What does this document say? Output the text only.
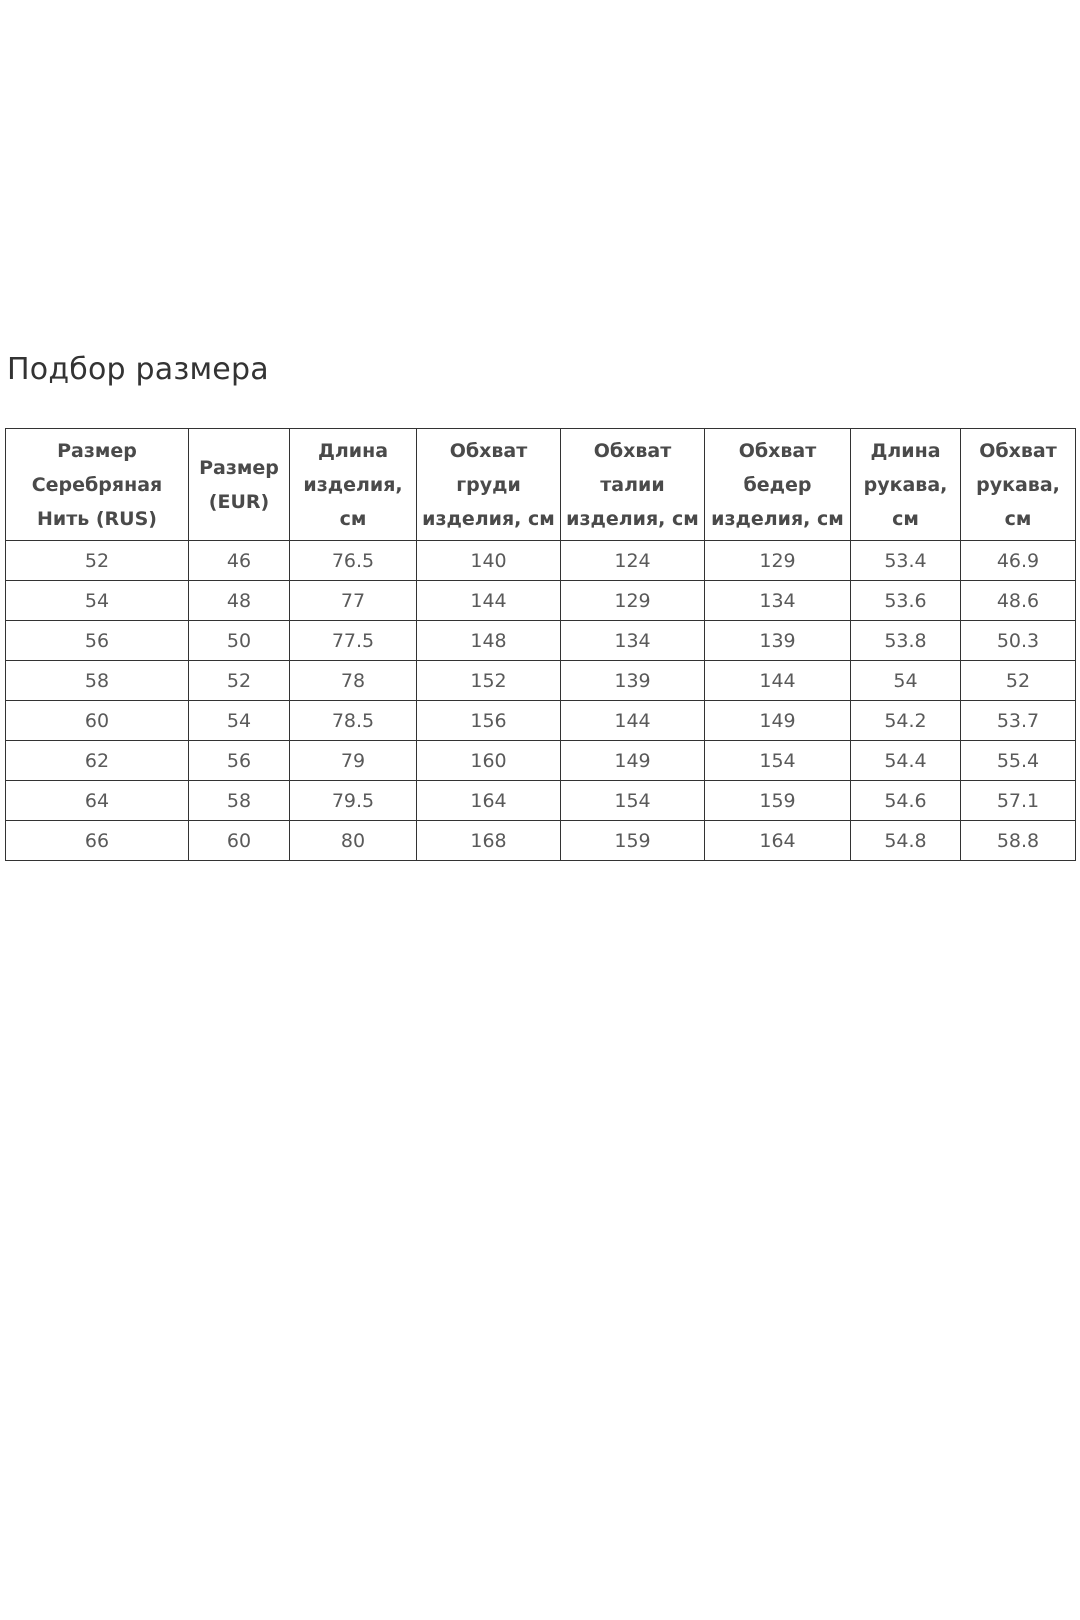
Подбор размера
Размер Серебряная Нить (RUS)	Размер (EUR)	Длина изделия, см	Обхват груди изделия, см	Обхват талии изделия, см	Обхват бедер изделия, см	Длина рукава, см	Обхват рукава, см
52	46	76.5	140	124	129	53.4	46.9
54	48	77	144	129	134	53.6	48.6
56	50	77.5	148	134	139	53.8	50.3
58	52	78	152	139	144	54	52
60	54	78.5	156	144	149	54.2	53.7
62	56	79	160	149	154	54.4	55.4
64	58	79.5	164	154	159	54.6	57.1
66	60	80	168	159	164	54.8	58.8
